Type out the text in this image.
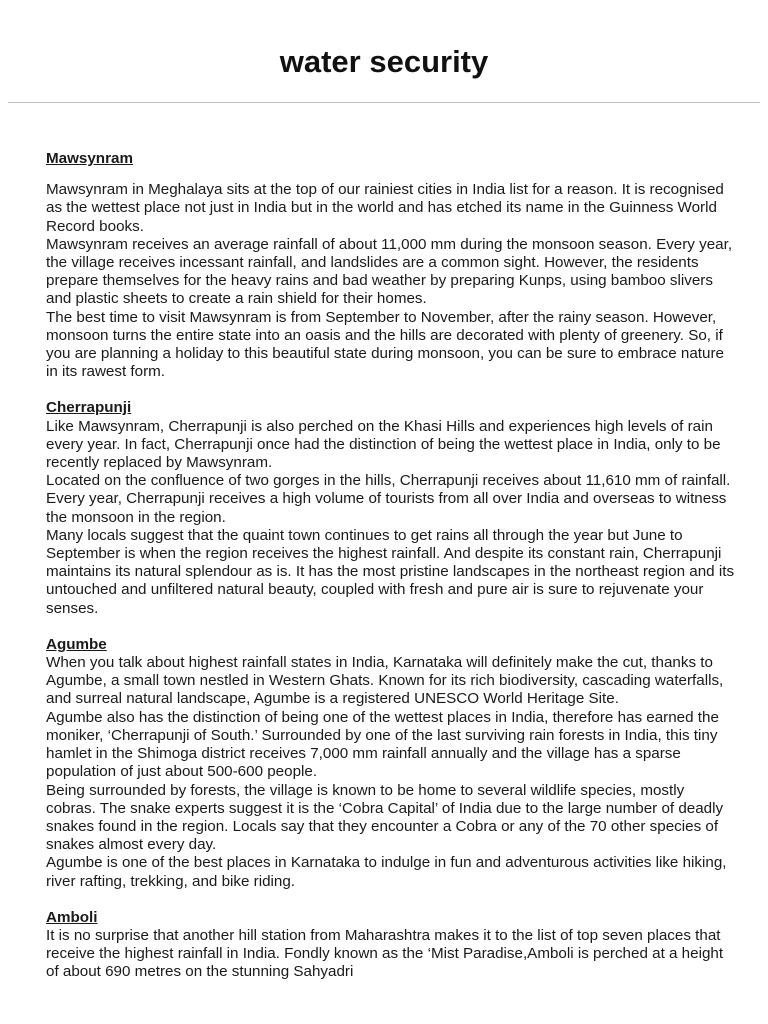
water security

Mawsynram

Mawsynram in Meghalaya sits at the top of our rainiest cities in India list for a reason. It is recognised as the wettest place not just in India but in the world and has etched its name in the Guinness World Record books.

Mawsynram receives an average rainfall of about 11,000 mm during the monsoon season. Every year, the village receives incessant rainfall, and landslides are a common sight. However, the residents prepare themselves for the heavy rains and bad weather by preparing Kunps, using bamboo slivers and plastic sheets to create a rain shield for their homes.

The best time to visit Mawsynram is from September to November, after the rainy season. However, monsoon turns the entire state into an oasis and the hills are decorated with plenty of greenery. So, if you are planning a holiday to this beautiful state during monsoon, you can be sure to embrace nature in its rawest form.

Cherrapunji

Like Mawsynram, Cherrapunji is also perched on the Khasi Hills and experiences high levels of rain every year. In fact, Cherrapunji once had the distinction of being the wettest place in India, only to be recently replaced by Mawsynram.

Located on the confluence of two gorges in the hills, Cherrapunji receives about 11,610 mm of rainfall. Every year, Cherrapunji receives a high volume of tourists from all over India and overseas to witness the monsoon in the region.

Many locals suggest that the quaint town continues to get rains all through the year but June to September is when the region receives the highest rainfall. And despite its constant rain, Cherrapunji maintains its natural splendour as is. It has the most pristine landscapes in the northeast region and its untouched and unfiltered natural beauty, coupled with fresh and pure air is sure to rejuvenate your senses.

Agumbe

When you talk about highest rainfall states in India, Karnataka will definitely make the cut, thanks to Agumbe, a small town nestled in Western Ghats. Known for its rich biodiversity, cascading waterfalls, and surreal natural landscape, Agumbe is a registered UNESCO World Heritage Site.

Agumbe also has the distinction of being one of the wettest places in India, therefore has earned the moniker, ‘Cherrapunji of South.’ Surrounded by one of the last surviving rain forests in India, this tiny hamlet in the Shimoga district receives 7,000 mm rainfall annually and the village has a sparse population of just about 500-600 people.

Being surrounded by forests, the village is known to be home to several wildlife species, mostly cobras. The snake experts suggest it is the ‘Cobra Capital’ of India due to the large number of deadly snakes found in the region. Locals say that they encounter a Cobra or any of the 70 other species of snakes almost every day.

Agumbe is one of the best places in Karnataka to indulge in fun and adventurous activities like hiking, river rafting, trekking, and bike riding.

Amboli

It is no surprise that another hill station from Maharashtra makes it to the list of top seven places that receive the highest rainfall in India. Fondly known as the ‘Mist Paradise,Amboli is perched at a height of about 690 metres on the stunning Sahyadri
